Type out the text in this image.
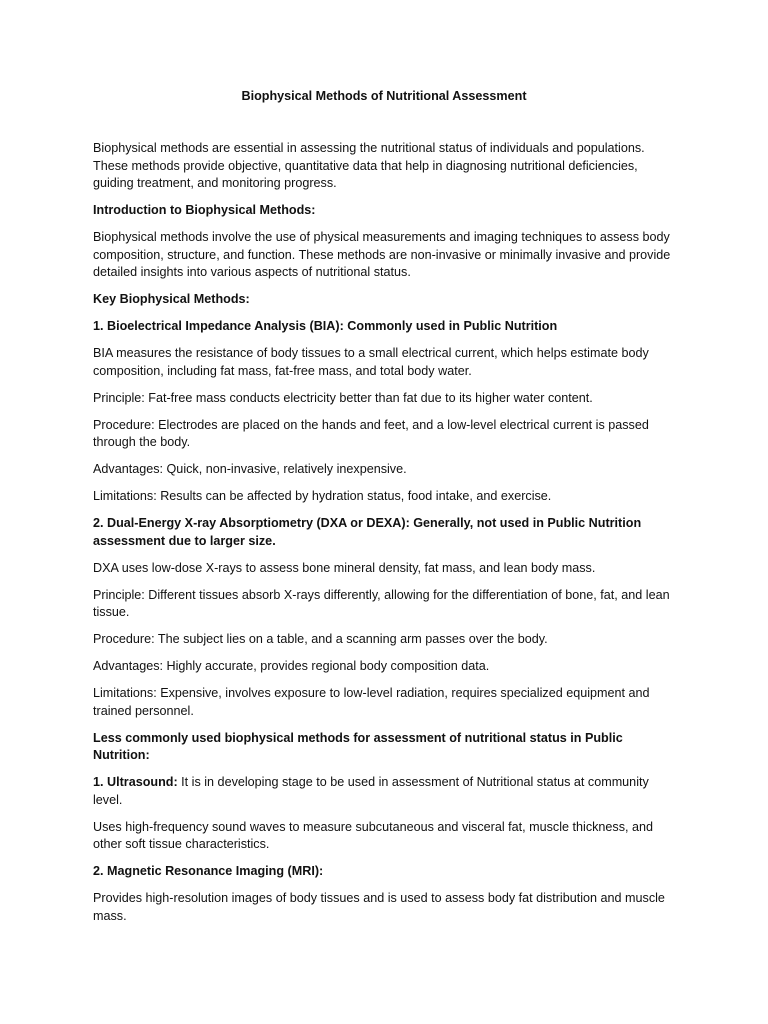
Biophysical Methods of Nutritional Assessment

Biophysical methods are essential in assessing the nutritional status of individuals and populations. These methods provide objective, quantitative data that help in diagnosing nutritional deficiencies, guiding treatment, and monitoring progress.

Introduction to Biophysical Methods:

Biophysical methods involve the use of physical measurements and imaging techniques to assess body composition, structure, and function. These methods are non-invasive or minimally invasive and provide detailed insights into various aspects of nutritional status.

Key Biophysical Methods:

1. Bioelectrical Impedance Analysis (BIA): Commonly used in Public Nutrition

BIA measures the resistance of body tissues to a small electrical current, which helps estimate body composition, including fat mass, fat-free mass, and total body water.

Principle: Fat-free mass conducts electricity better than fat due to its higher water content.

Procedure: Electrodes are placed on the hands and feet, and a low-level electrical current is passed through the body.

Advantages: Quick, non-invasive, relatively inexpensive.

Limitations: Results can be affected by hydration status, food intake, and exercise.

2. Dual-Energy X-ray Absorptiometry (DXA or DEXA): Generally, not used in Public Nutrition assessment due to larger size.

DXA uses low-dose X-rays to assess bone mineral density, fat mass, and lean body mass.

Principle: Different tissues absorb X-rays differently, allowing for the differentiation of bone, fat, and lean tissue.

Procedure: The subject lies on a table, and a scanning arm passes over the body.

Advantages: Highly accurate, provides regional body composition data.

Limitations: Expensive, involves exposure to low-level radiation, requires specialized equipment and trained personnel.

Less commonly used biophysical methods for assessment of nutritional status in Public Nutrition:

1. Ultrasound: It is in developing stage to be used in assessment of Nutritional status at community level.

Uses high-frequency sound waves to measure subcutaneous and visceral fat, muscle thickness, and other soft tissue characteristics.

2. Magnetic Resonance Imaging (MRI):

Provides high-resolution images of body tissues and is used to assess body fat distribution and muscle mass.
